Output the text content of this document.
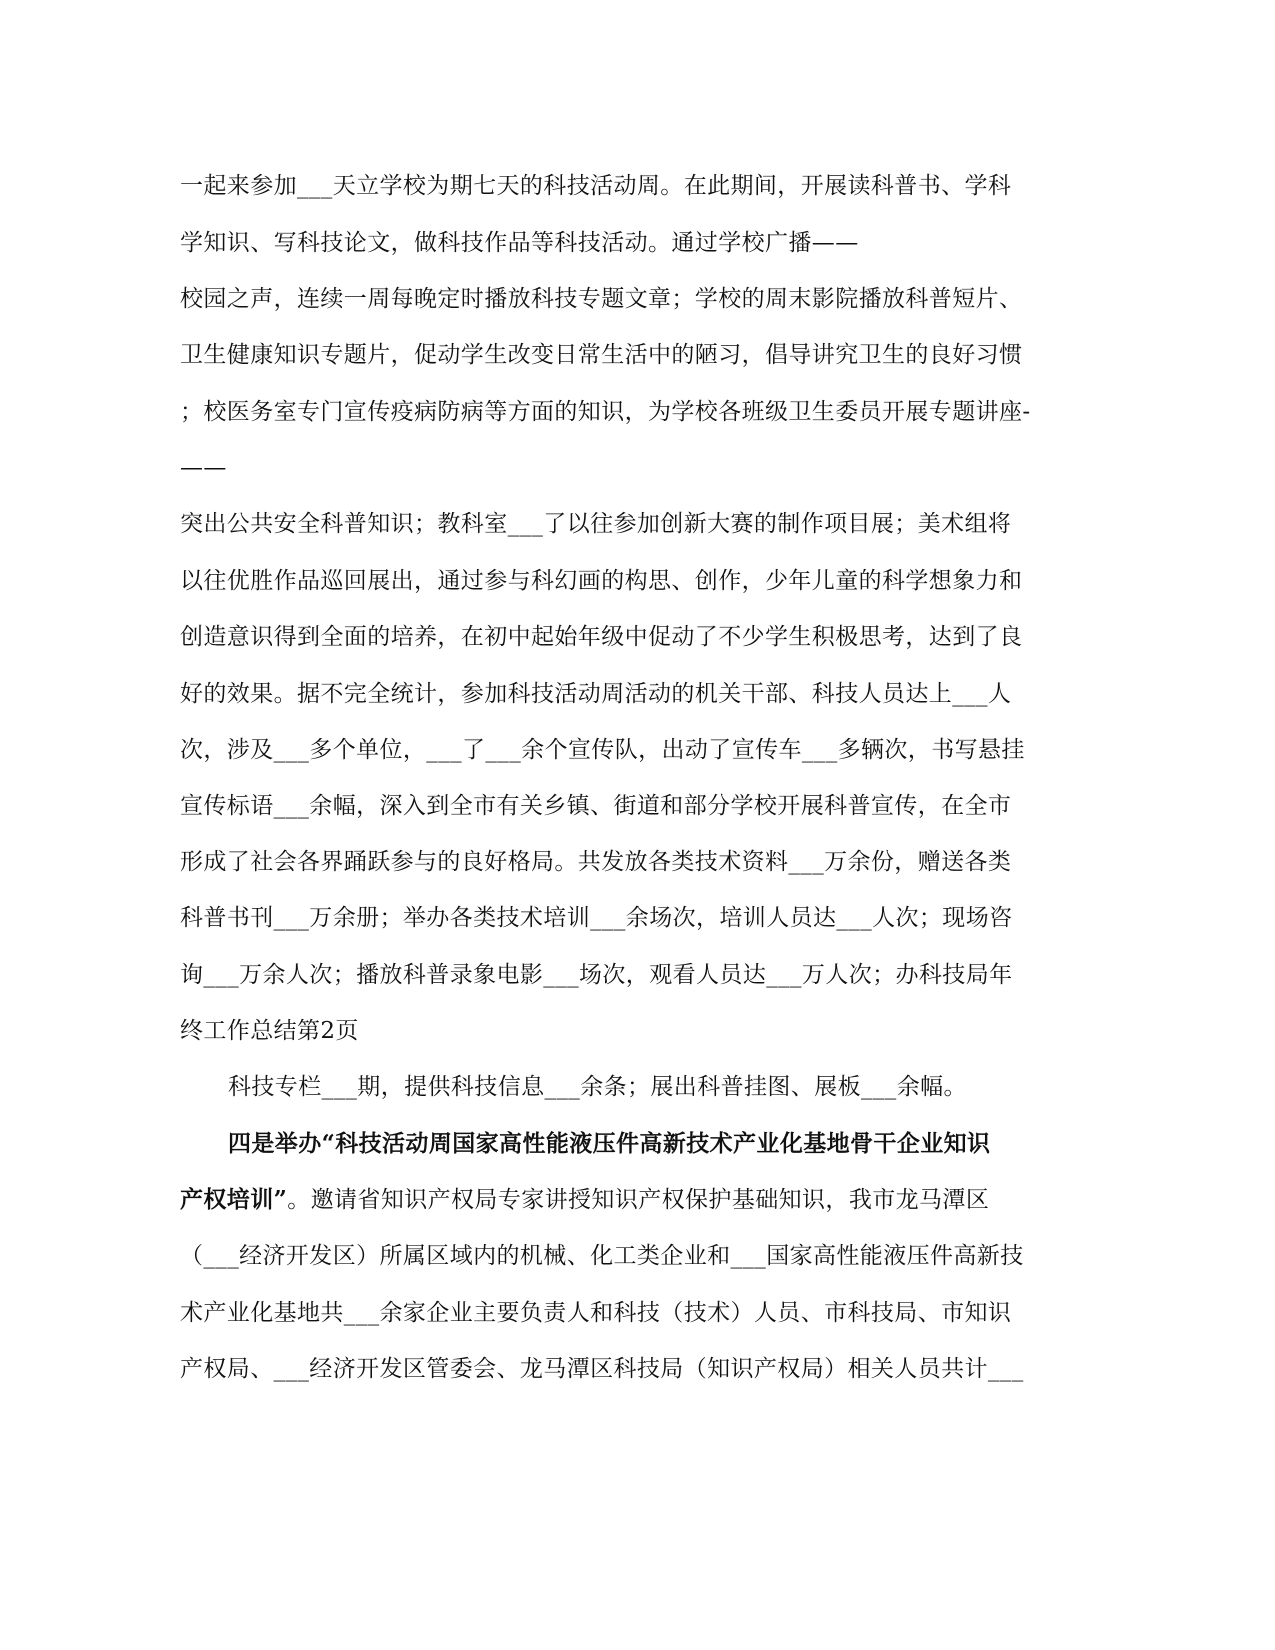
一起来参加___天立学校为期七天的科技活动周。在此期间，开展读科普书、学科
学知识、写科技论文，做科技作品等科技活动。通过学校广播——
校园之声，连续一周每晚定时播放科技专题文章；学校的周末影院播放科普短片、
卫生健康知识专题片，促动学生改变日常生活中的陋习，倡导讲究卫生的良好习惯
；校医务室专门宣传疫病防病等方面的知识，为学校各班级卫生委员开展专题讲座-
——
突出公共安全科普知识；教科室___了以往参加创新大赛的制作项目展；美术组将
以往优胜作品巡回展出，通过参与科幻画的构思、创作，少年儿童的科学想象力和
创造意识得到全面的培养，在初中起始年级中促动了不少学生积极思考，达到了良
好的效果。据不完全统计，参加科技活动周活动的机关干部、科技人员达上___人
次，涉及___多个单位，___了___余个宣传队，出动了宣传车___多辆次，书写悬挂
宣传标语___余幅，深入到全市有关乡镇、街道和部分学校开展科普宣传，在全市
形成了社会各界踊跃参与的良好格局。共发放各类技术资料___万余份，赠送各类
科普书刊___万余册；举办各类技术培训___余场次，培训人员达___人次；现场咨
询___万余人次；播放科普录象电影___场次，观看人员达___万人次；办科技局年
终工作总结第2页
科技专栏___期，提供科技信息___余条；展出科普挂图、展板___余幅。
四是举办“科技活动周国家高性能液压件高新技术产业化基地骨干企业知识
产权培训”。邀请省知识产权局专家讲授知识产权保护基础知识，我市龙马潭区
（___经济开发区）所属区域内的机械、化工类企业和___国家高性能液压件高新技
术产业化基地共___余家企业主要负责人和科技（技术）人员、市科技局、市知识
产权局、___经济开发区管委会、龙马潭区科技局（知识产权局）相关人员共计___
